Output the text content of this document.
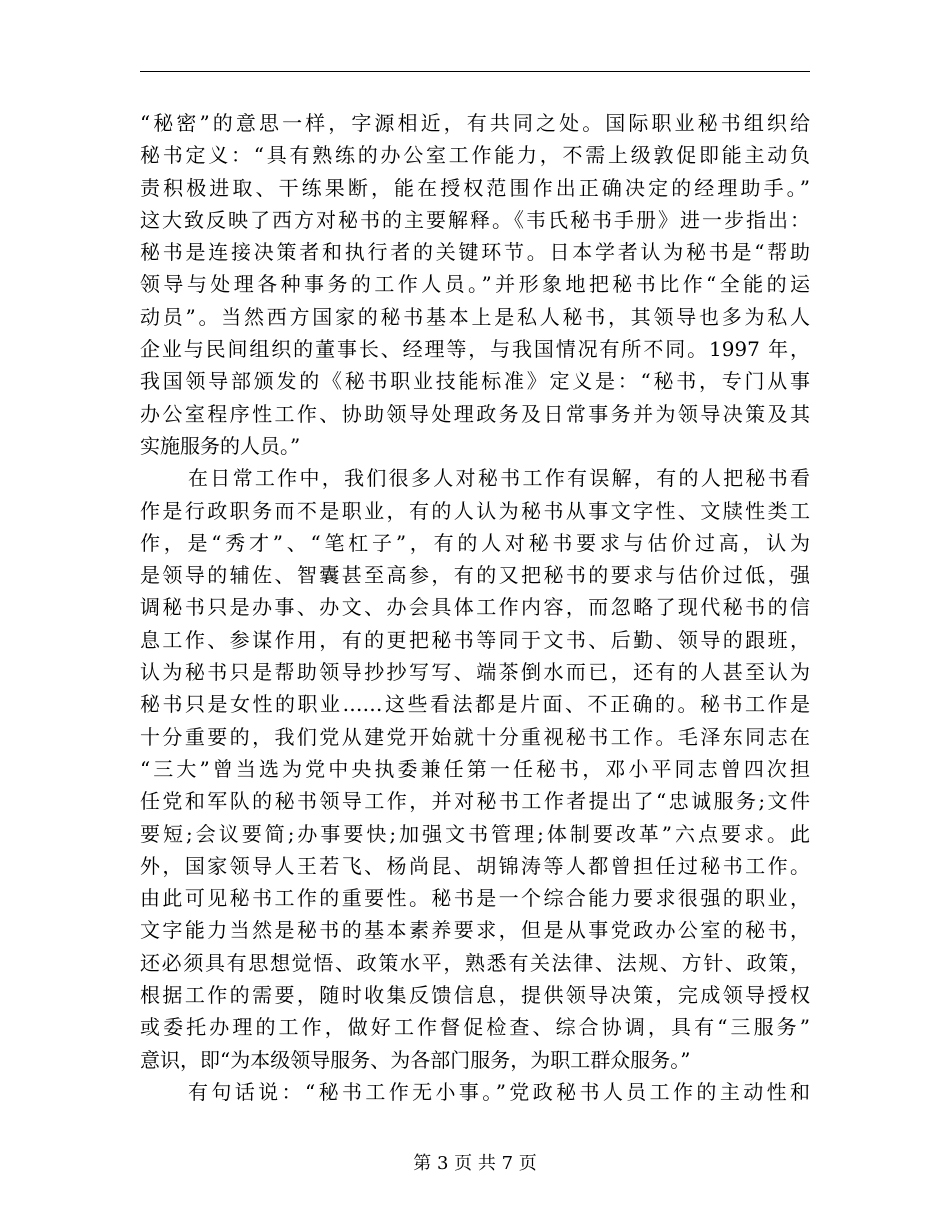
“秘密”的意思一样，字源相近，有共同之处。国际职业秘书组织给
秘书定义：“具有熟练的办公室工作能力，不需上级敦促即能主动负
责积极进取、干练果断，能在授权范围作出正确决定的经理助手。”
这大致反映了西方对秘书的主要解释。《韦氏秘书手册》进一步指出：
秘书是连接决策者和执行者的关键环节。日本学者认为秘书是“帮助
领导与处理各种事务的工作人员。”并形象地把秘书比作“全能的运
动员”。当然西方国家的秘书基本上是私人秘书，其领导也多为私人
企业与民间组织的董事长、经理等，与我国情况有所不同。1997 年，
我国领导部颁发的《秘书职业技能标准》定义是：“秘书，专门从事
办公室程序性工作、协助领导处理政务及日常事务并为领导决策及其
实施服务的人员。”
在日常工作中，我们很多人对秘书工作有误解，有的人把秘书看
作是行政职务而不是职业，有的人认为秘书从事文字性、文牍性类工
作，是“秀才”、“笔杠子”，有的人对秘书要求与估价过高，认为
是领导的辅佐、智囊甚至高参，有的又把秘书的要求与估价过低，强
调秘书只是办事、办文、办会具体工作内容，而忽略了现代秘书的信
息工作、参谋作用，有的更把秘书等同于文书、后勤、领导的跟班，
认为秘书只是帮助领导抄抄写写、端茶倒水而已，还有的人甚至认为
秘书只是女性的职业……这些看法都是片面、不正确的。秘书工作是
十分重要的，我们党从建党开始就十分重视秘书工作。毛泽东同志在
“三大”曾当选为党中央执委兼任第一任秘书，邓小平同志曾四次担
任党和军队的秘书领导工作，并对秘书工作者提出了“忠诚服务;文件
要短;会议要简;办事要快;加强文书管理;体制要改革”六点要求。此
外，国家领导人王若飞、杨尚昆、胡锦涛等人都曾担任过秘书工作。
由此可见秘书工作的重要性。秘书是一个综合能力要求很强的职业，
文字能力当然是秘书的基本素养要求，但是从事党政办公室的秘书，
还必须具有思想觉悟、政策水平，熟悉有关法律、法规、方针、政策，
根据工作的需要，随时收集反馈信息，提供领导决策，完成领导授权
或委托办理的工作，做好工作督促检查、综合协调，具有“三服务”
意识，即“为本级领导服务、为各部门服务，为职工群众服务。”
有句话说：“秘书工作无小事。”党政秘书人员工作的主动性和
第 3 页 共 7 页
